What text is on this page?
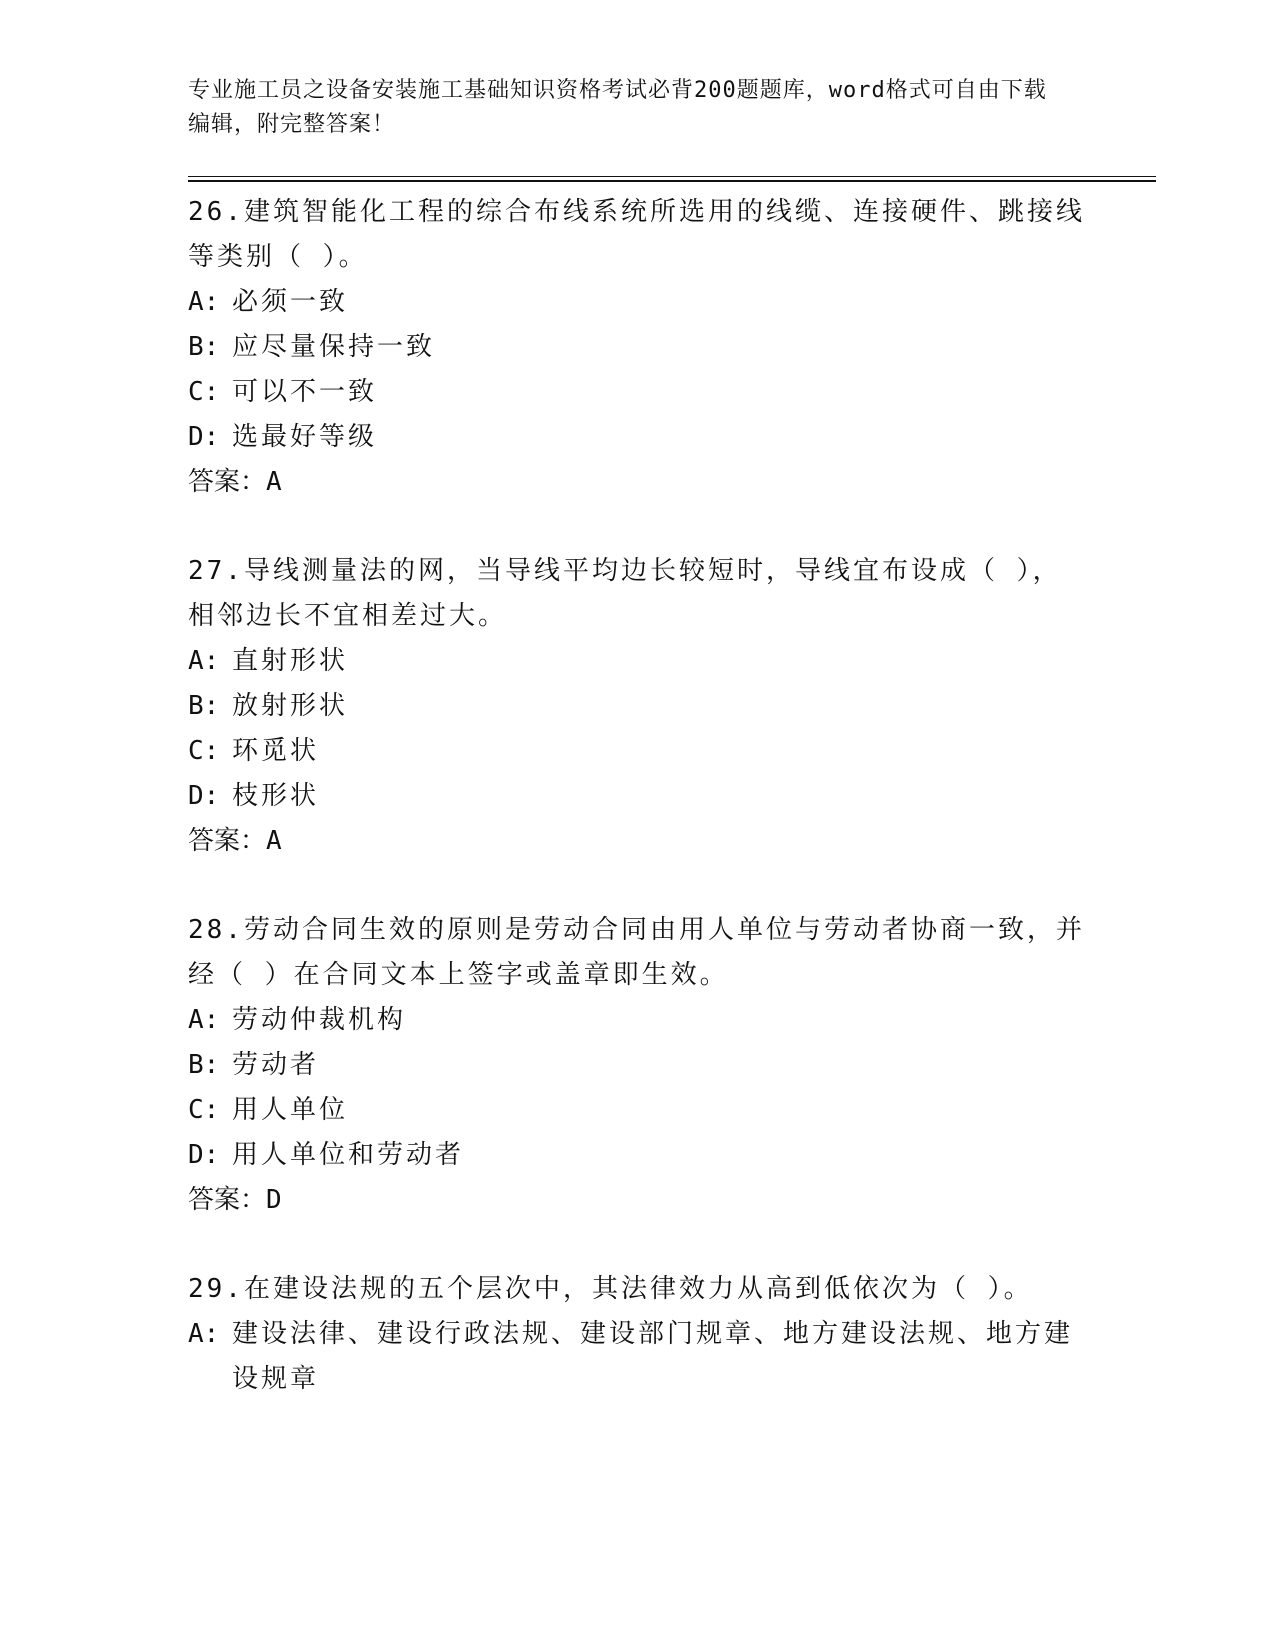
专业施工员之设备安装施工基础知识资格考试必背200题题库，word格式可自由下载编辑，附完整答案！

26.建筑智能化工程的综合布线系统所选用的线缆、连接硬件、跳接线等类别（ ）。

A: 必须一致
B: 应尽量保持一致
C: 可以不一致
D: 选最好等级

答案：A

27.导线测量法的网，当导线平均边长较短时，导线宜布设成（ ），相邻边长不宜相差过大。

A: 直射形状
B: 放射形状
C: 环觅状
D: 枝形状

答案：A

28.劳动合同生效的原则是劳动合同由用人单位与劳动者协商一致，并经（ ）在合同文本上签字或盖章即生效。

A: 劳动仲裁机构
B: 劳动者
C: 用人单位
D: 用人单位和劳动者

答案：D

29.在建设法规的五个层次中，其法律效力从高到低依次为（ ）。

A: 建设法律、建设行政法规、建设部门规章、地方建设法规、地方建设规章
